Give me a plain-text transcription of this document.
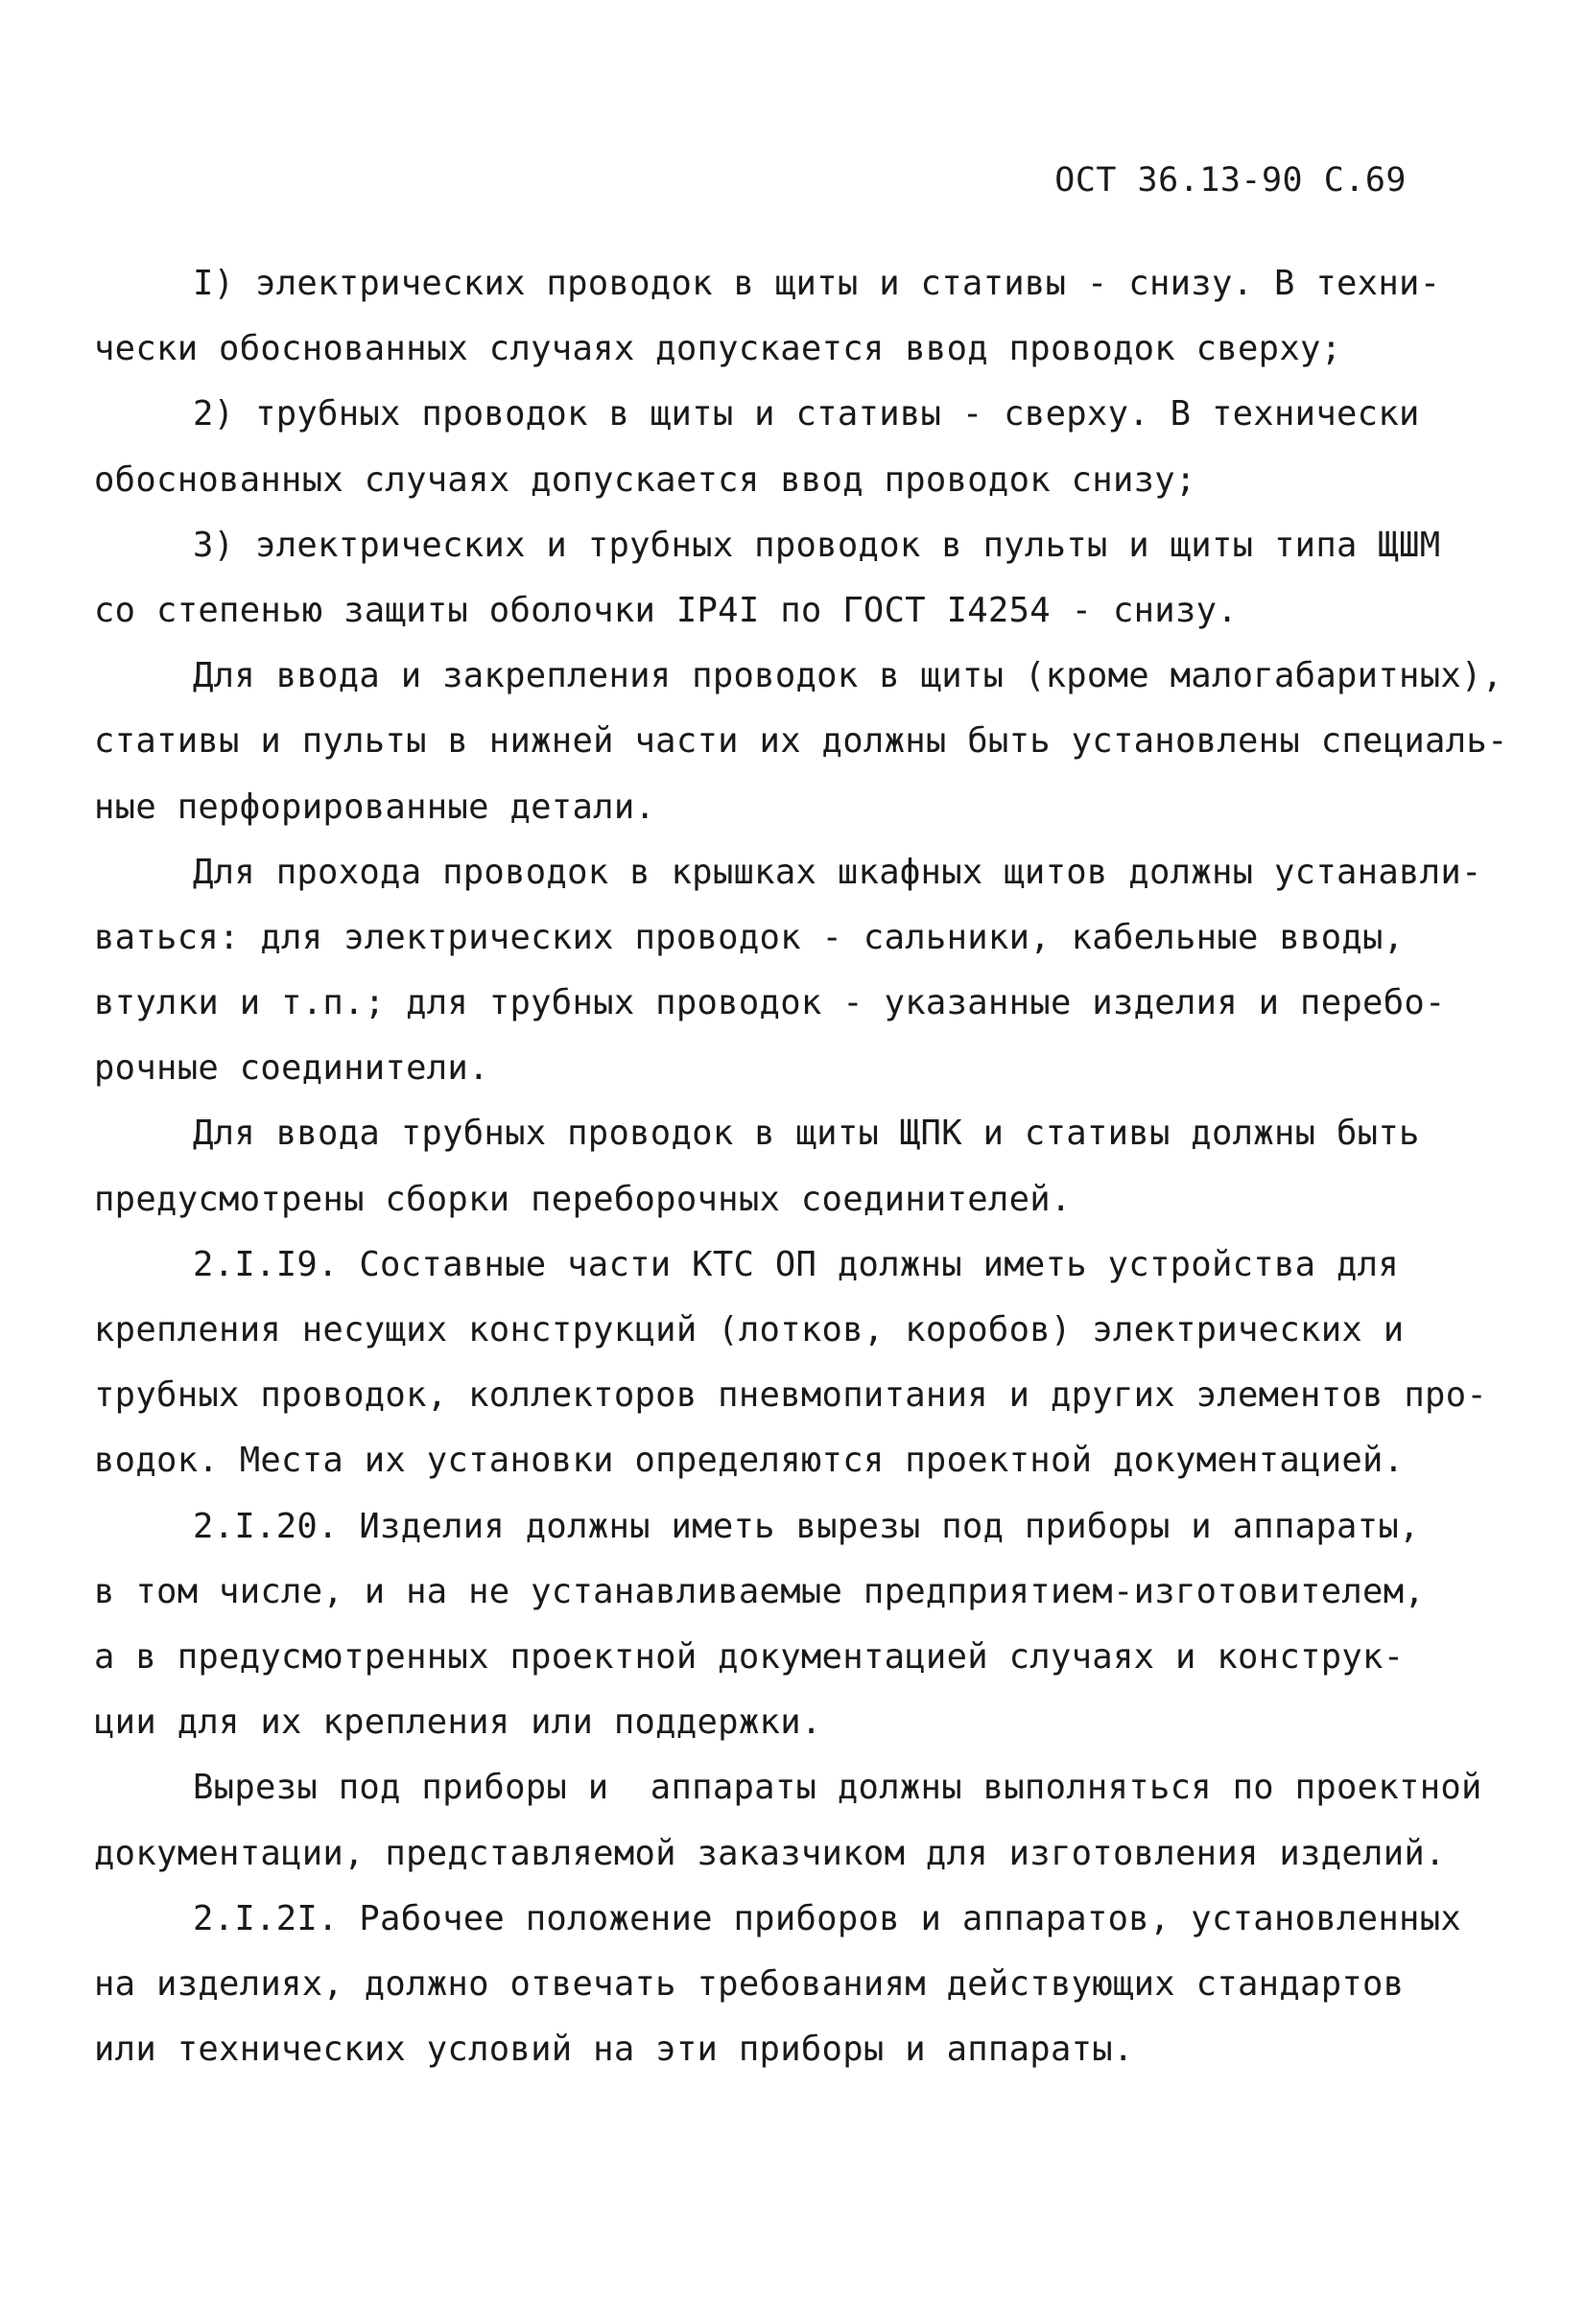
ОСТ 36.13-90 С.69
I) электрических проводок в щиты и стативы - снизу. В техни-
чески обоснованных случаях допускается ввод проводок сверху;
2) трубных проводок в щиты и стативы - сверху. В технически
обоснованных случаях допускается ввод проводок снизу;
3) электрических и трубных проводок в пульты и щиты типа ЩШМ
со степенью защиты оболочки IP4I по ГОСТ I4254 - снизу.
Для ввода и закрепления проводок в щиты (кроме малогабаритных),
стативы и пульты в нижней части их должны быть установлены специаль-
ные перфорированные детали.
Для прохода проводок в крышках шкафных щитов должны устанавли-
ваться: для электрических проводок - сальники, кабельные вводы,
втулки и т.п.; для трубных проводок - указанные изделия и перебо-
рочные соединители.
Для ввода трубных проводок в щиты ЩПК и стативы должны быть
предусмотрены сборки переборочных соединителей.
2.I.I9. Составные части КТС ОП должны иметь устройства для
крепления несущих конструкций (лотков, коробов) электрических и
трубных проводок, коллекторов пневмопитания и других элементов про-
водок. Места их установки определяются проектной документацией.
2.I.20. Изделия должны иметь вырезы под приборы и аппараты,
в том числе, и на не устанавливаемые предприятием-изготовителем,
а в предусмотренных проектной документацией случаях и конструк-
ции для их крепления или поддержки.
Вырезы под приборы и  аппараты должны выполняться по проектной
документации, представляемой заказчиком для изготовления изделий.
2.I.2I. Рабочее положение приборов и аппаратов, установленных
на изделиях, должно отвечать требованиям действующих стандартов
или технических условий на эти приборы и аппараты.
